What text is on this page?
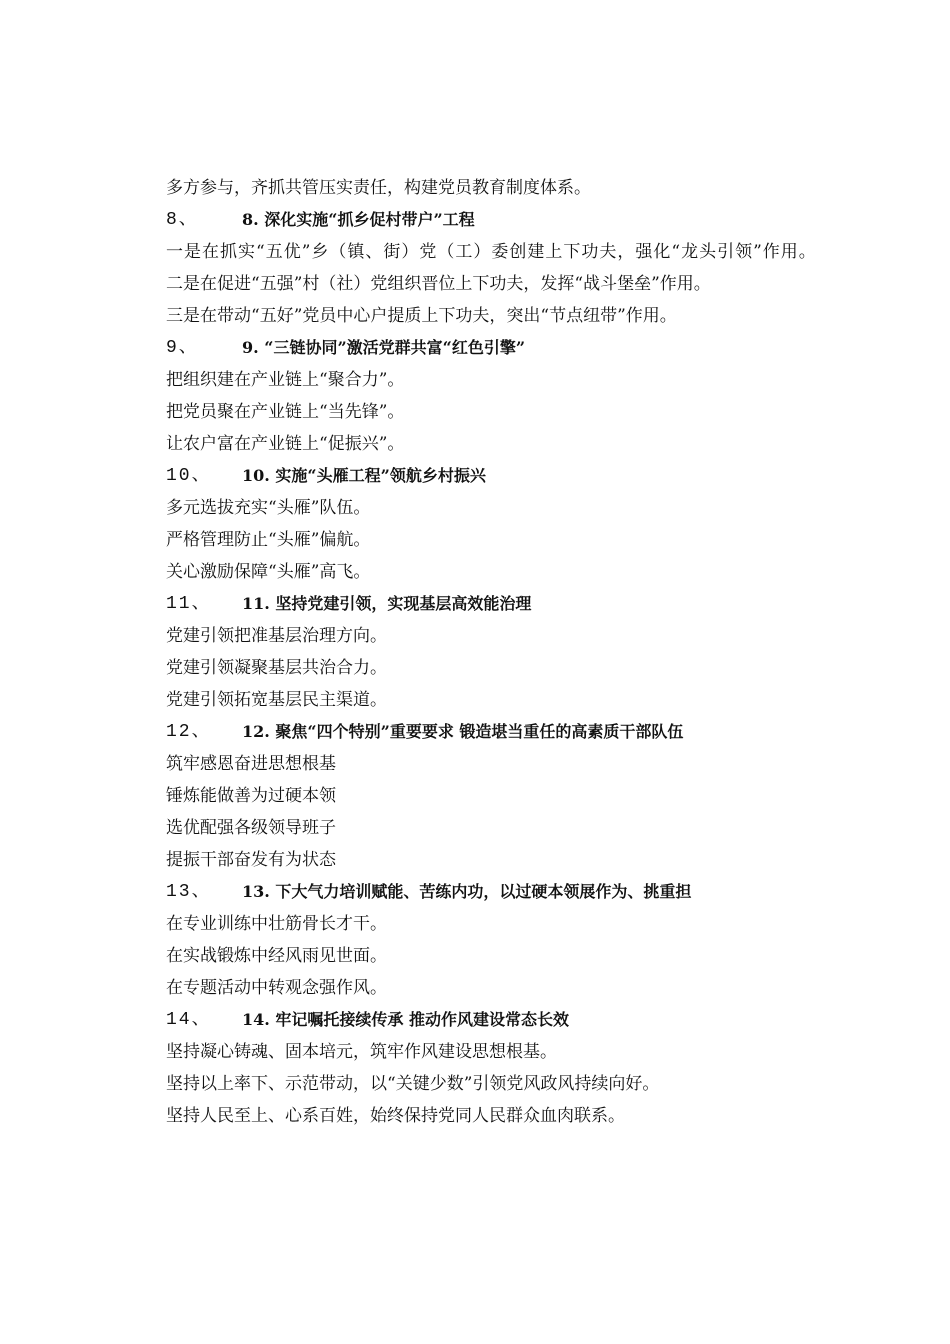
多方参与，齐抓共管压实责任，构建党员教育制度体系。
8、	8. 深化实施“抓乡促村带户”工程
一是在抓实“五优”乡（镇、街）党（工）委创建上下功夫，强化“龙头引领”作用。
二是在促进“五强”村（社）党组织晋位上下功夫，发挥“战斗堡垒”作用。
三是在带动“五好”党员中心户提质上下功夫，突出“节点纽带”作用。
9、	9. “三链协同”激活党群共富“红色引擎”
把组织建在产业链上“聚合力”。
把党员聚在产业链上“当先锋”。
让农户富在产业链上“促振兴”。
10、 10. 实施“头雁工程”领航乡村振兴
多元选拔充实“头雁”队伍。
严格管理防止“头雁”偏航。
关心激励保障“头雁”高飞。
11、 11. 坚持党建引领，实现基层高效能治理
党建引领把准基层治理方向。
党建引领凝聚基层共治合力。
党建引领拓宽基层民主渠道。
12、 12. 聚焦“四个特别”重要要求 锻造堪当重任的高素质干部队伍
筑牢感恩奋进思想根基
锤炼能做善为过硬本领
选优配强各级领导班子
提振干部奋发有为状态
13、 13. 下大气力培训赋能、苦练内功，以过硬本领展作为、挑重担
在专业训练中壮筋骨长才干。
在实战锻炼中经风雨见世面。
在专题活动中转观念强作风。
14、 14. 牢记嘱托接续传承 推动作风建设常态长效
坚持凝心铸魂、固本培元，筑牢作风建设思想根基。
坚持以上率下、示范带动，以“关键少数”引领党风政风持续向好。
坚持人民至上、心系百姓，始终保持党同人民群众血肉联系。
